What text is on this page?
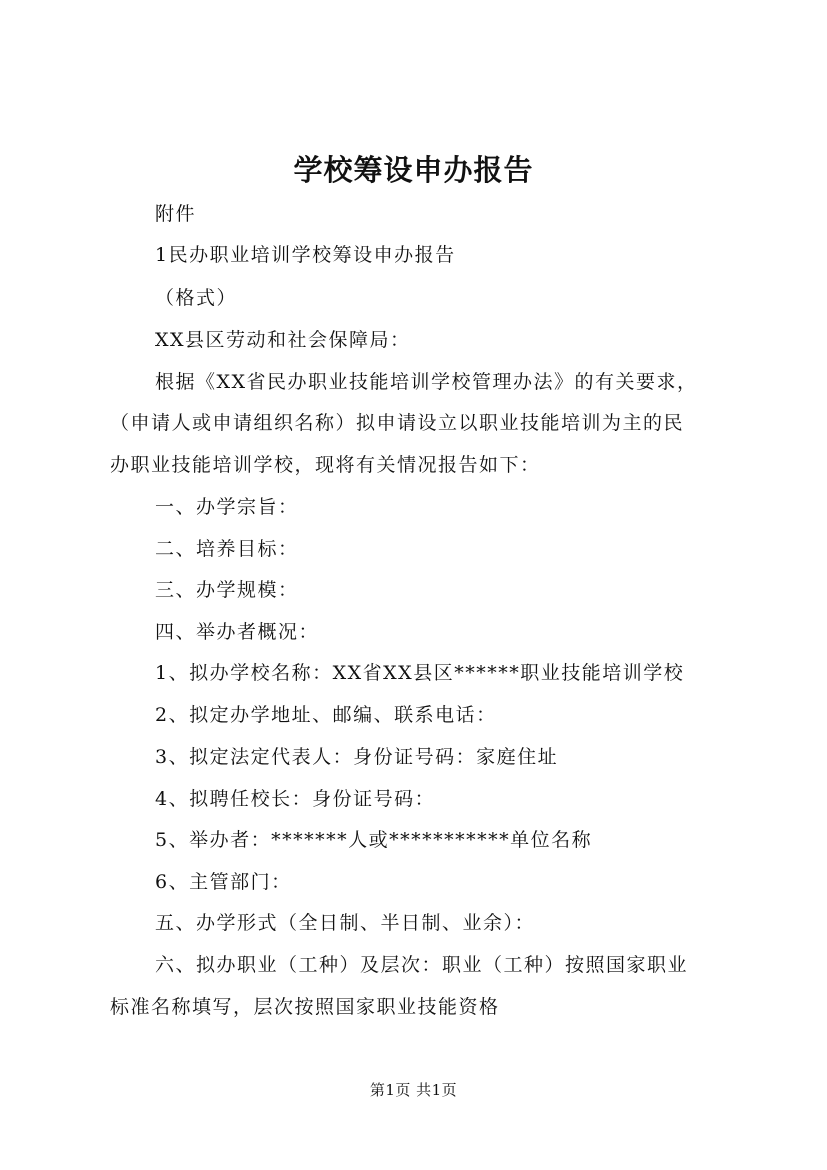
学校筹设申办报告
附件
1民办职业培训学校筹设申办报告
（格式）
XX县区劳动和社会保障局：
根据《XX省民办职业技能培训学校管理办法》的有关要求，
（申请人或申请组织名称）拟申请设立以职业技能培训为主的民
办职业技能培训学校，现将有关情况报告如下：
一、办学宗旨：
二、培养目标：
三、办学规模：
四、举办者概况：
1、拟办学校名称：XX省XX县区******职业技能培训学校
2、拟定办学地址、邮编、联系电话：
3、拟定法定代表人：身份证号码：家庭住址
4、拟聘任校长：身份证号码：
5、举办者：*******人或***********单位名称
6、主管部门：
五、办学形式（全日制、半日制、业余）：
六、拟办职业（工种）及层次：职业（工种）按照国家职业
标准名称填写，层次按照国家职业技能资格
第1页 共1页
